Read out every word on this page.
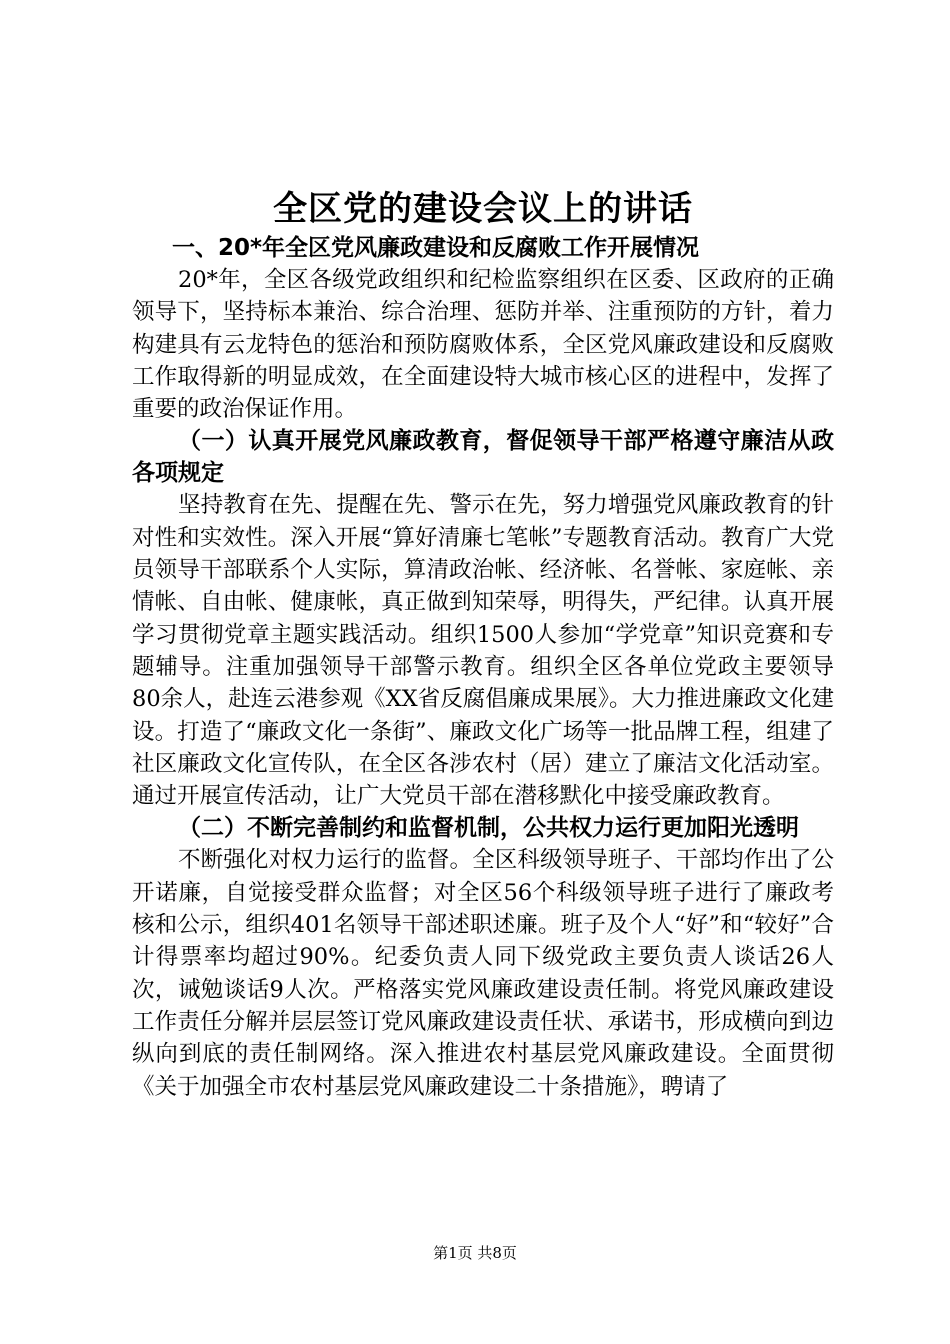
全区党的建设会议上的讲话
一、20*年全区党风廉政建设和反腐败工作开展情况

20*年，全区各级党政组织和纪检监察组织在区委、区政府的正确领导下，坚持标本兼治、综合治理、惩防并举、注重预防的方针，着力构建具有云龙特色的惩治和预防腐败体系，全区党风廉政建设和反腐败工作取得新的明显成效，在全面建设特大城市核心区的进程中，发挥了重要的政治保证作用。

（一）认真开展党风廉政教育，督促领导干部严格遵守廉洁从政各项规定

坚持教育在先、提醒在先、警示在先，努力增强党风廉政教育的针对性和实效性。深入开展“算好清廉七笔帐”专题教育活动。教育广大党员领导干部联系个人实际，算清政治帐、经济帐、名誉帐、家庭帐、亲情帐、自由帐、健康帐，真正做到知荣辱，明得失，严纪律。认真开展学习贯彻党章主题实践活动。组织1500人参加“学党章”知识竞赛和专题辅导。注重加强领导干部警示教育。组织全区各单位党政主要领导80余人，赴连云港参观《XX省反腐倡廉成果展》。大力推进廉政文化建设。打造了“廉政文化一条街”、廉政文化广场等一批品牌工程，组建了社区廉政文化宣传队，在全区各涉农村（居）建立了廉洁文化活动室。通过开展宣传活动，让广大党员干部在潜移默化中接受廉政教育。

（二）不断完善制约和监督机制，公共权力运行更加阳光透明

不断强化对权力运行的监督。全区科级领导班子、干部均作出了公开诺廉，自觉接受群众监督；对全区56个科级领导班子进行了廉政考核和公示，组织401名领导干部述职述廉。班子及个人“好”和“较好”合计得票率均超过90%。纪委负责人同下级党政主要负责人谈话26人次，诫勉谈话9人次。严格落实党风廉政建设责任制。将党风廉政建设工作责任分解并层层签订党风廉政建设责任状、承诺书，形成横向到边纵向到底的责任制网络。深入推进农村基层党风廉政建设。全面贯彻《关于加强全市农村基层党风廉政建设二十条措施》，聘请了

第1页 共8页
